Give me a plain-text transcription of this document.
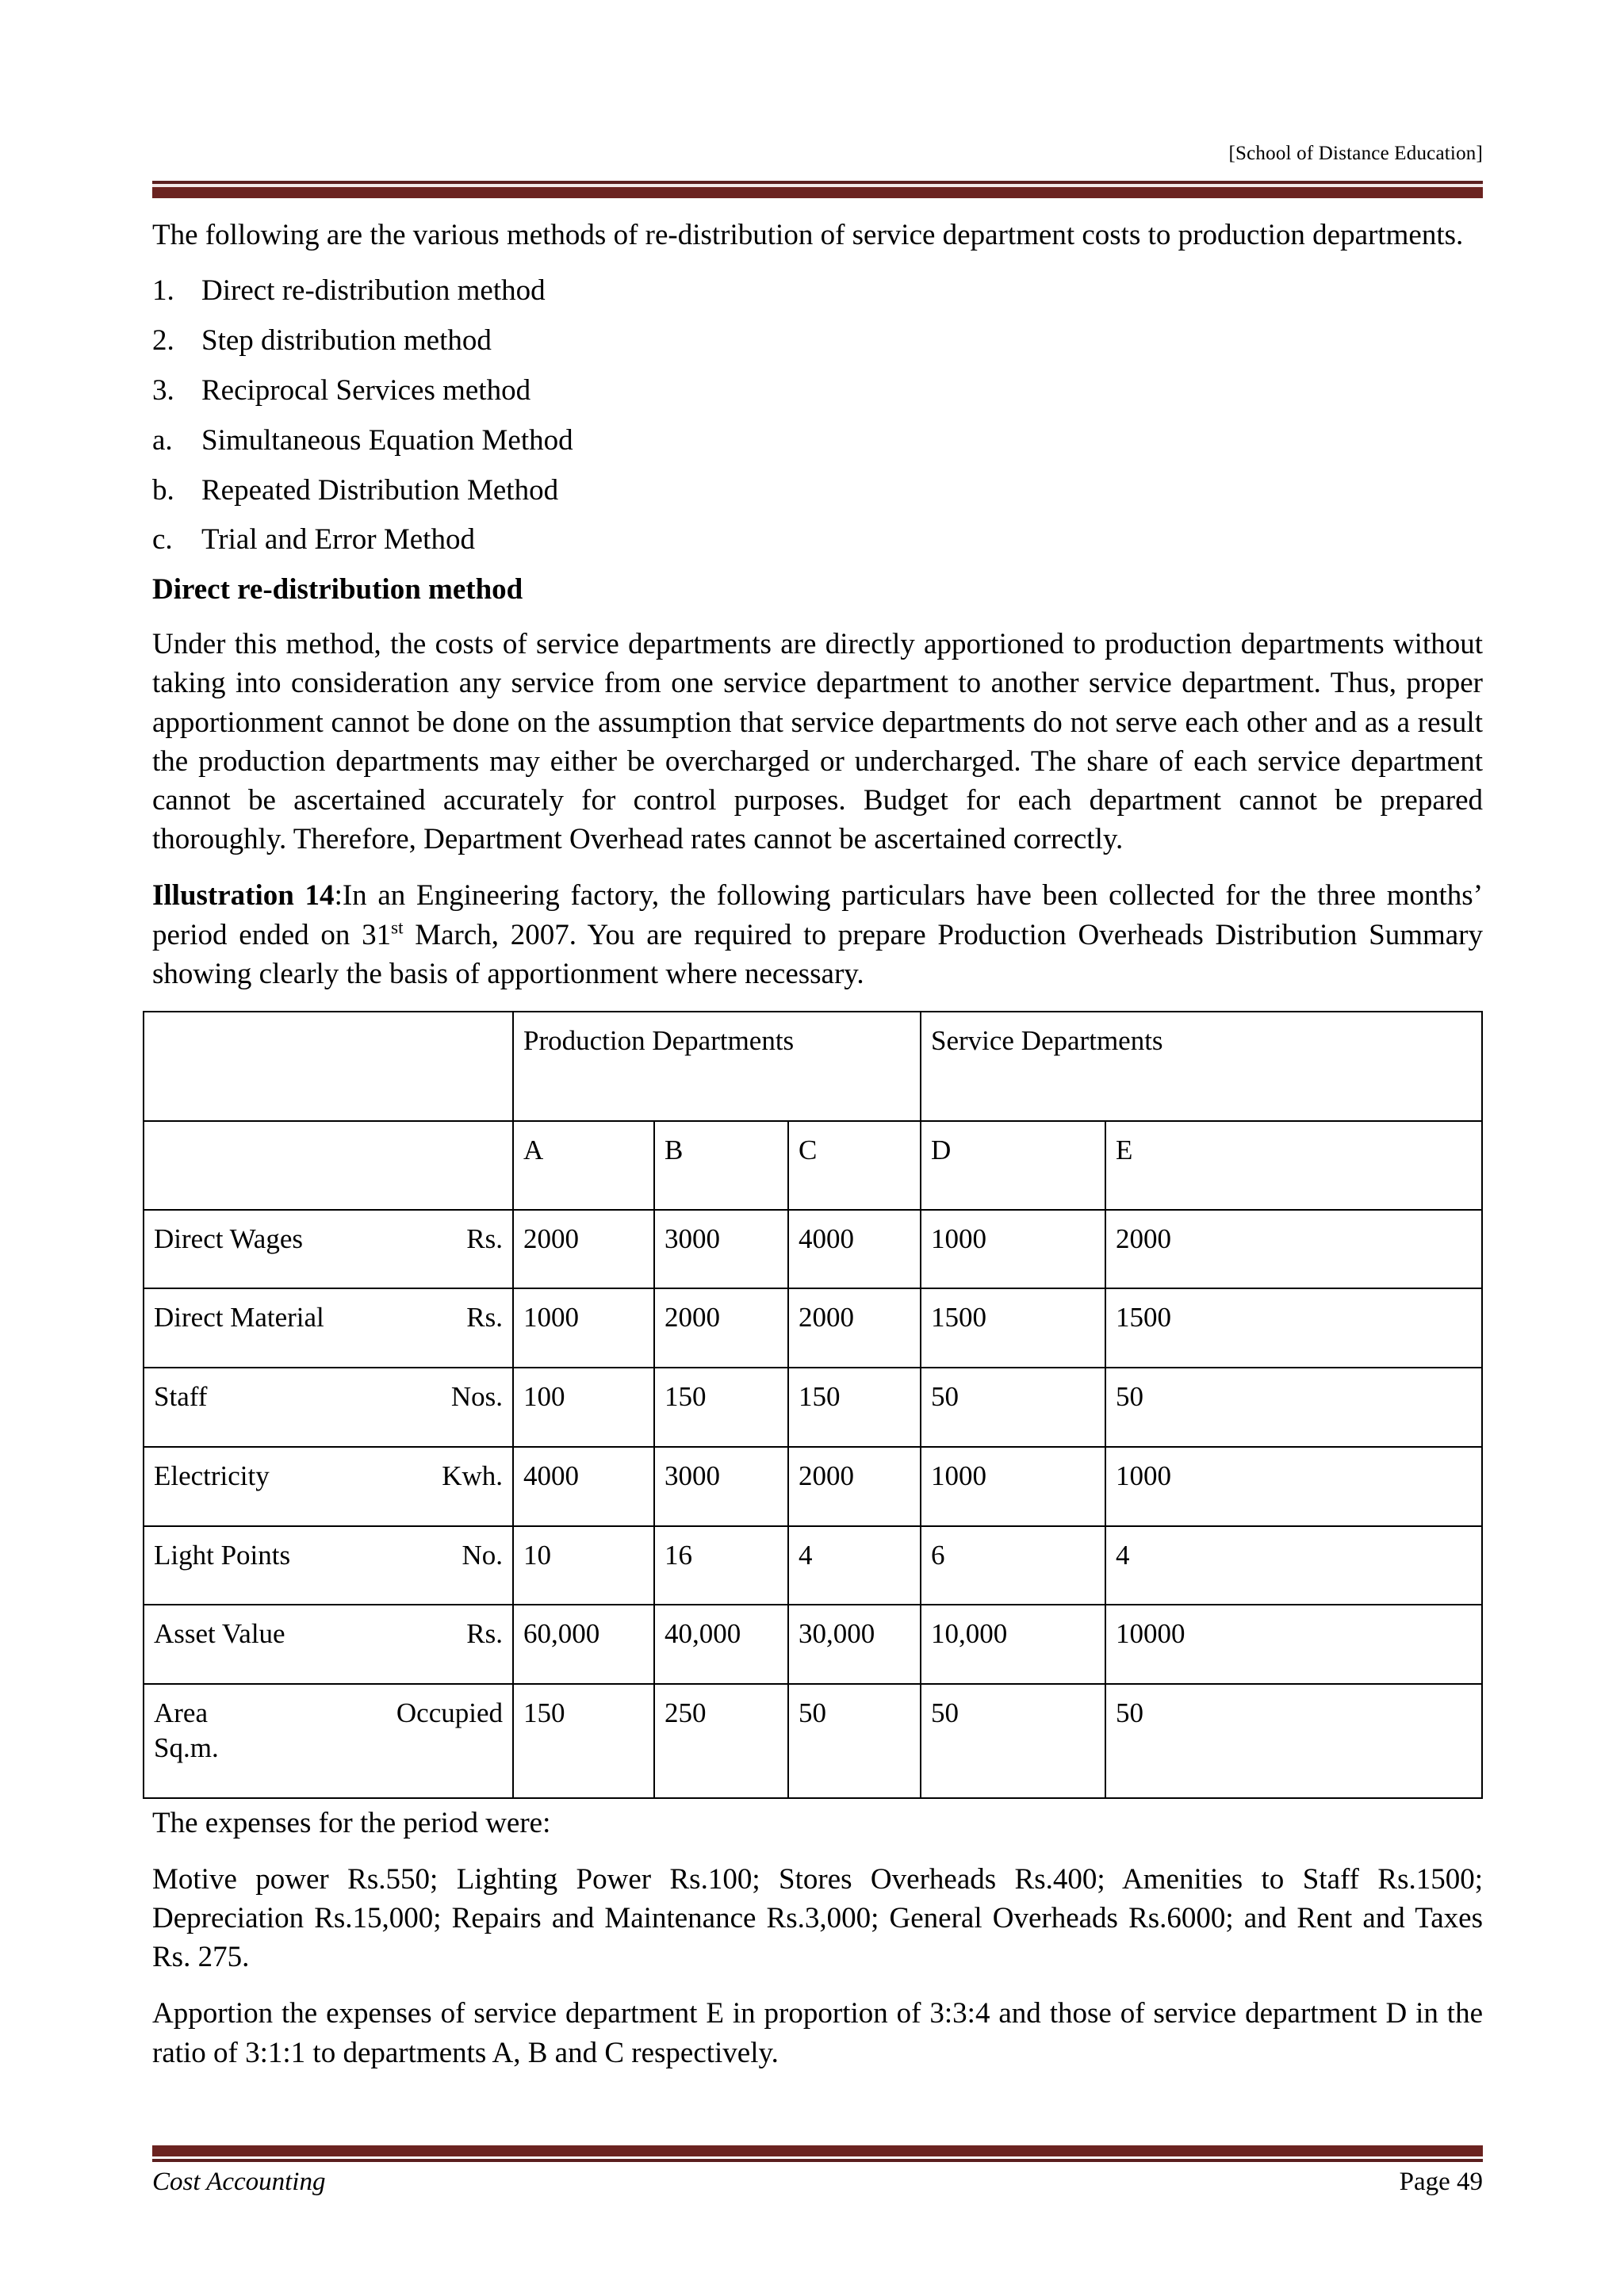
[School of Distance Education]

The following are the various methods of re-distribution of service department costs to production departments.

1. Direct re-distribution method
2. Step distribution method
3. Reciprocal Services method
a. Simultaneous Equation Method
b. Repeated Distribution Method
c. Trial and Error Method
Direct re-distribution method

Under this method, the costs of service departments are directly apportioned to production departments without taking into consideration any service from one service department to another service department. Thus, proper apportionment cannot be done on the assumption that service departments do not serve each other and as a result the production departments may either be overcharged or undercharged. The share of each service department cannot be ascertained accurately for control purposes. Budget for each department cannot be prepared thoroughly. Therefore, Department Overhead rates cannot be ascertained correctly.

Illustration 14:In an Engineering factory, the following particulars have been collected for the three months’ period ended on 31st March, 2007. You are required to prepare Production Overheads Distribution Summary showing clearly the basis of apportionment where necessary.

	Production Departments			Service Departments	
	A	B	C	D	E

Direct Wages Rs.	2000	3000	4000	1000	2000

Direct Material Rs.	1000	2000	2000	1500	1500

Staff Nos.	100	150	150	50	50

Electricity Kwh.	4000	3000	2000	1000	1000

Light Points No.	10	16	4	6	4

Asset Value Rs.	60,000	40,000	30,000	10,000	10000

Area Occupied
Sq.m.	150	250	50	50	50

The expenses for the period were:

Motive power Rs.550; Lighting Power Rs.100; Stores Overheads Rs.400; Amenities to Staff Rs.1500; Depreciation Rs.15,000; Repairs and Maintenance Rs.3,000; General Overheads Rs.6000; and Rent and Taxes Rs. 275.

Apportion the expenses of service department E in proportion of 3:3:4 and those of service department D in the ratio of 3:1:1 to departments A, B and C respectively.

Cost Accounting	Page 49
